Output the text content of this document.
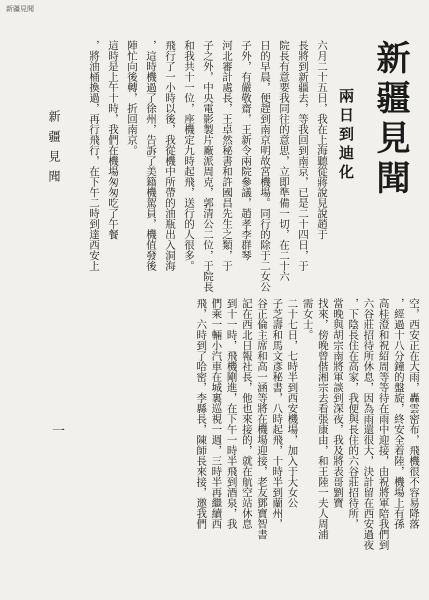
新疆見聞
新疆見聞
兩日到迪化
六月二十五日，我在上海聽從蔣說見說趙于
長將到新疆去，等我回到南京，已是二十四日，于
院長有意要我同往的意思，立即準備一切，在二十六
日的早晨，便趕到南京明故宮機場。同行的除于二女公
子外，有嚴敬齋，王新令兩院參議，趙孝李群琴
河北審計處長，王卓然秘書和許國昌先生之類，于
子之外，中央電影製片廠派周克，郭清公二位，于院長
和我共十一位，座機定九時起飛，送行的人很多。
飛行了一小時以後，我從機中所帶的油瓶出入洞海
，這時機過了徐州，告訴了美籍機駕員，機值發後
陣忙向後轉，折回南京。
這時是上午十時，我們在機場匆匆吃了午餐
，將油桶換過，再行飛行，在下午二時到達西安上
空，西安正在大雨，轟雲密布，飛機很不容易降落
，經過十八分鐘的盤旋，終安全着陸，機場上有孫
高桂澄和祝紹周等等待在雨中迎接，由祝將軍陪我們到
六谷莊招待所休息，因為雨還很大，決計留在西安過夜
，下陰長住在高家，我便與長住的六谷莊招待所，
當晚與胡宗南將軍談到深夜，我及將表哥劉寶
找來，傍晚曾偕湘宗去看張康由，和王陸一夫人周浦
需女士。
二十七日，七時半到西安機場，加入于大女公
子芝壽和馬文彥秘書，八時起飛，十時半到蘭州，
谷正倫主席和高一涵等將在機場迎接，老友鄧寶智書
記在西北日報社長，他也來接的，就在航空站休息
到十一時，飛機剛進，在下午一時半飛到酒泉，我
們乘一輛小汽車在城裏巡視一週，三時半再繼續西
飛，六時到了哈密，李縣長，陳師長來接，邀我們
新疆見聞
一
